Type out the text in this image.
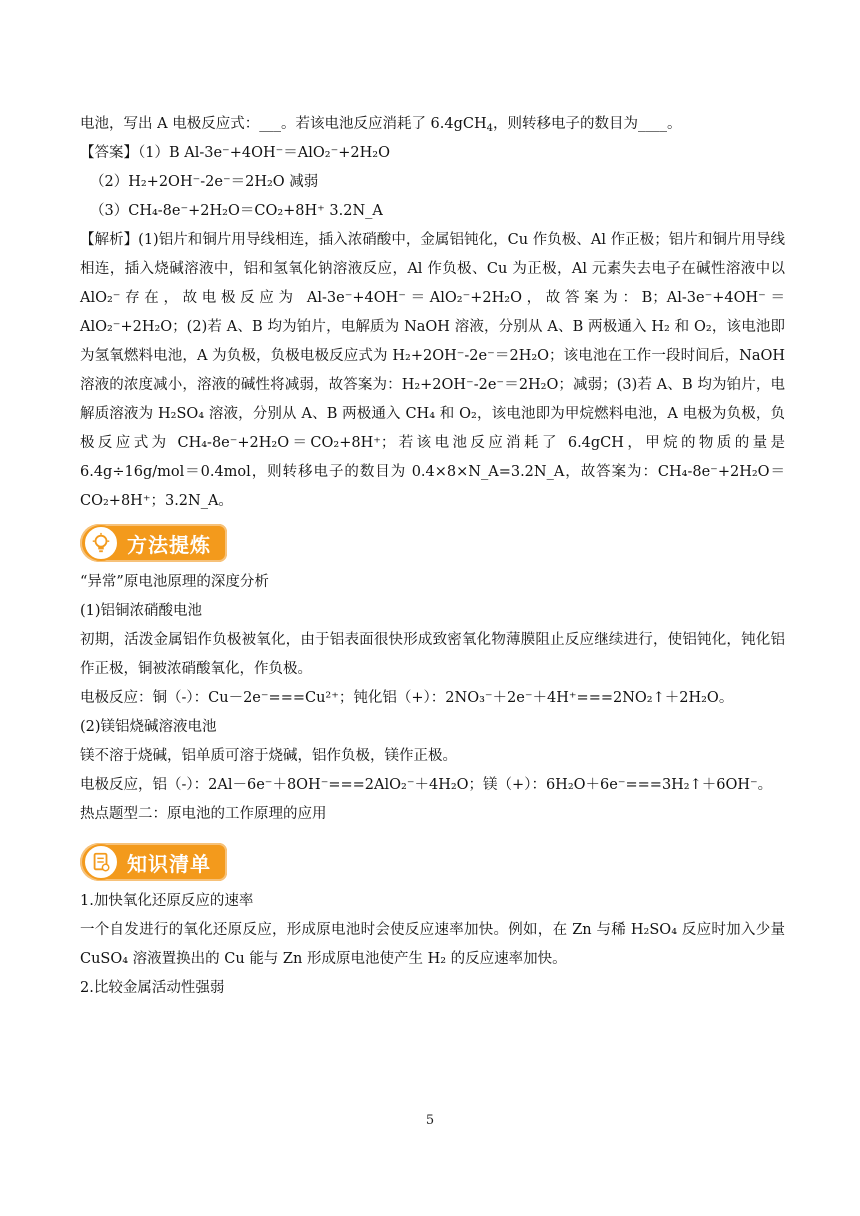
电池，写出 A 电极反应式：___。若该电池反应消耗了 6.4gCH$_4$，则转移电子的数目为____。

【答案】（1）B Al-3e⁻+4OH⁻＝AlO₂⁻+2H₂O

（2）H₂+2OH⁻-2e⁻＝2H₂O 减弱

（3）CH₄-8e⁻+2H₂O＝CO₂+8H⁺ 3.2N_A

【解析】(1)铝片和铜片用导线相连，插入浓硝酸中，金属铝钝化，Cu 作负极、Al 作正极；铝片和铜片用导线相连，插入烧碱溶液中，铝和氢氧化钠溶液反应，Al 作负极、Cu 为正极，Al 元素失去电子在碱性溶液中以 AlO₂⁻存在，故电极反应为 Al-3e⁻+4OH⁻＝AlO₂⁻+2H₂O，故答案为：B；Al-3e⁻+4OH⁻＝AlO₂⁻+2H₂O；(2)若 A、B 均为铂片，电解质为 NaOH 溶液，分别从 A、B 两极通入 H₂ 和 O₂，该电池即为氢氧燃料电池，A 为负极，负极电极反应式为 H₂+2OH⁻-2e⁻＝2H₂O；该电池在工作一段时间后，NaOH 溶液的浓度减小，溶液的碱性将减弱，故答案为：H₂+2OH⁻-2e⁻＝2H₂O；减弱；(3)若 A、B 均为铂片，电解质溶液为 H₂SO₄ 溶液，分别从 A、B 两极通入 CH₄ 和 O₂，该电池即为甲烷燃料电池，A 电极为负极，负极反应式为 CH₄-8e⁻+2H₂O＝CO₂+8H⁺；若该电池反应消耗了 6.4gCH，甲烷的物质的量是 6.4g÷16g/mol＝0.4mol，则转移电子的数目为 0.4×8×N_A=3.2N_A，故答案为：CH₄-8e⁻+2H₂O＝CO₂+8H⁺；3.2N_A。

方法提炼

“异常”原电池原理的深度分析

(1)铝铜浓硝酸电池

初期，活泼金属铝作负极被氧化，由于铝表面很快形成致密氧化物薄膜阻止反应继续进行，使铝钝化，钝化铝作正极，铜被浓硝酸氧化，作负极。

电极反应：铜（-）：Cu－2e⁻===Cu²⁺；钝化铝（+）：2NO₃⁻＋2e⁻＋4H⁺===2NO₂↑＋2H₂O。

(2)镁铝烧碱溶液电池

镁不溶于烧碱，铝单质可溶于烧碱，铝作负极，镁作正极。

电极反应，铝（-）：2Al－6e⁻＋8OH⁻===2AlO₂⁻＋4H₂O；镁（+）：6H₂O＋6e⁻===3H₂↑＋6OH⁻。

热点题型二：原电池的工作原理的应用

知识清单

1.加快氧化还原反应的速率

一个自发进行的氧化还原反应，形成原电池时会使反应速率加快。例如，在 Zn 与稀 H₂SO₄ 反应时加入少量 CuSO₄ 溶液置换出的 Cu 能与 Zn 形成原电池使产生 H₂ 的反应速率加快。

2.比较金属活动性强弱

5
